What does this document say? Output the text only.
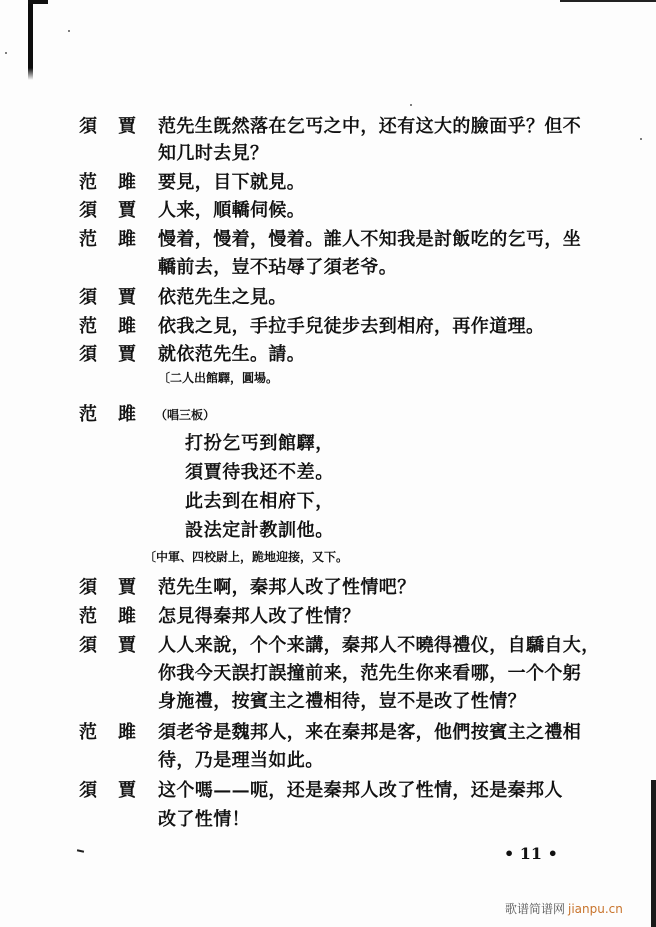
須 賈 范先生旣然落在乞丐之中，还有这大的臉面乎？但不
知几时去見？
范 雎 要見，目下就見。
須 賈 人来，順轎伺候。
范 雎 慢着，慢着，慢着。誰人不知我是討飯吃的乞丐，坐
轎前去，豈不玷辱了須老爷。
須 賈 依范先生之見。
范 雎 依我之見，手拉手兒徒步去到相府，再作道理。
須 賈 就依范先生。請。
〔二人出館驛，圓場。
范 雎 （唱三板）
打扮乞丐到館驛，
須賈待我还不差。
此去到在相府下，
設法定計教訓他。
〔中軍、四校尉上，跪地迎接，又下。
須 賈 范先生啊，秦邦人改了性情吧？
范 雎 怎見得秦邦人改了性情？
須 賈 人人来說，个个来講，秦邦人不曉得禮仪，自驕自大，
你我今天誤打誤撞前来，范先生你来看哪，一个个躬
身施禮，按賓主之禮相待，豈不是改了性情？
范 雎 須老爷是魏邦人，来在秦邦是客，他們按賓主之禮相
待，乃是理当如此。
須 賈 这个嗎——呃，还是秦邦人改了性情，还是秦邦人
改了性情！
• 11 •
歌谱简谱网 jianpu.cn
